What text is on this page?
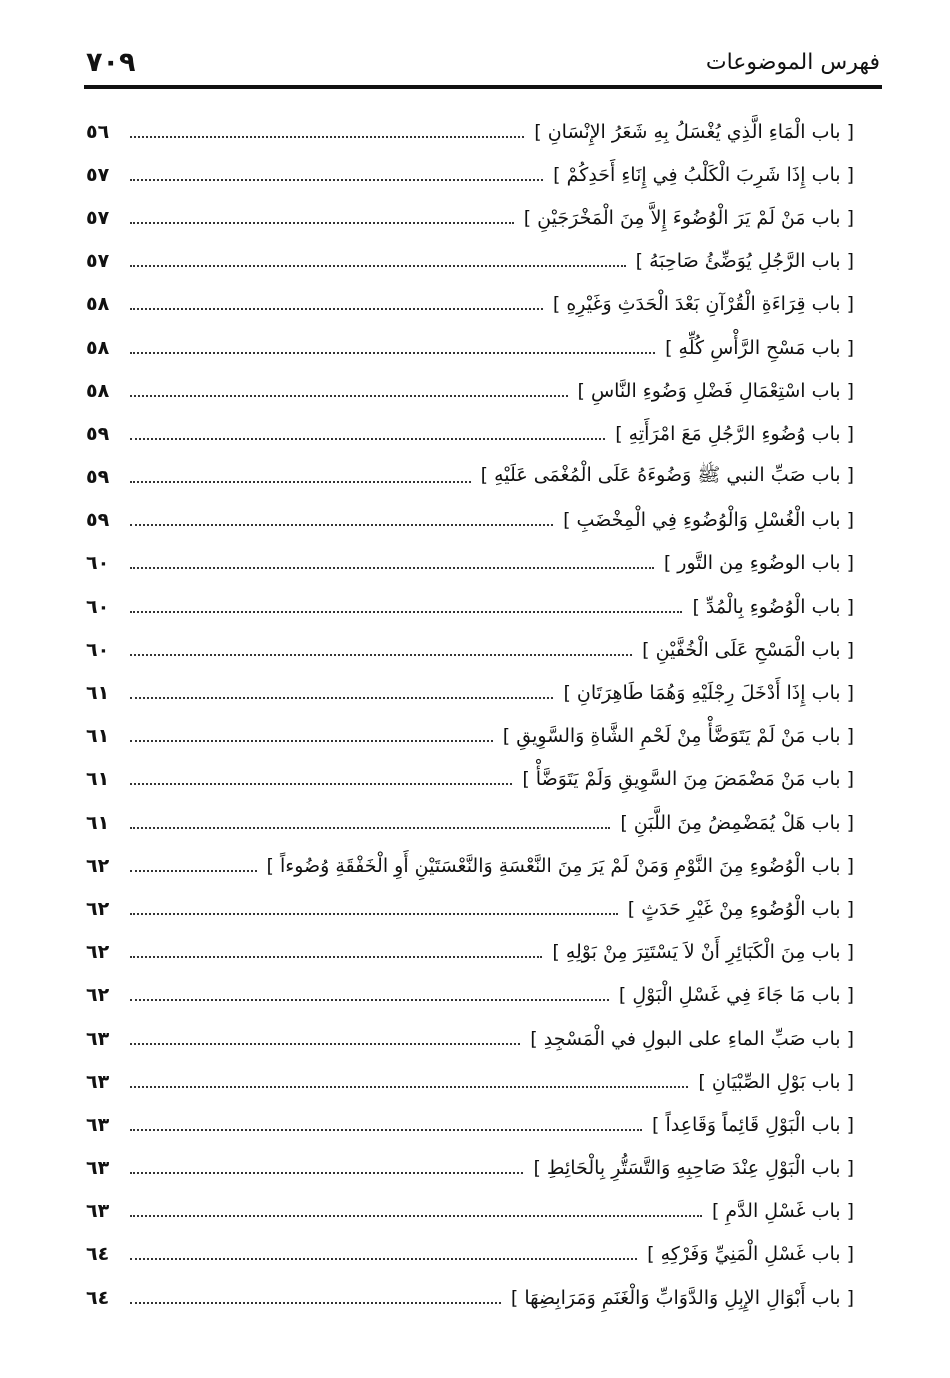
فهرس الموضوعات
٧٠٩
[ باب الْمَاءِ الَّذِي يُغْسَلُ بِهِ شَعَرُ الإِنْسَانِ ]
٥٦
[ باب إِذَا شَرِبَ الْكَلْبُ فِي إِنَاءِ أَحَدِكُمْ ]
٥٧
[ باب مَنْ لَمْ يَرَ الْوُضُوءَ إِلاَّ مِنَ الْمَخْرَجَيْنِ ]
٥٧
[ باب الرَّجُلِ يُوَضِّئُ صَاحِبَهُ ]
٥٧
[ باب قِرَاءَةِ الْقُرْآنِ بَعْدَ الْحَدَثِ وَغَيْرِهِ ]
٥٨
[ باب مَسْحِ الرَّأْسِ كُلِّهِ ]
٥٨
[ باب اسْتِعْمَالِ فَضْلِ وَضُوءِ النَّاسِ ]
٥٨
[ باب وُضُوءِ الرَّجُلِ مَعَ امْرَأَتِهِ ]
٥٩
[ باب صَبِّ النبي ﷺ وَضُوءَهُ عَلَى الْمُغْمَى عَلَيْهِ ]
٥٩
[ باب الْغُسْلِ وَالْوُضُوءِ فِي الْمِخْضَبِ ]
٥٩
[ باب الوضُوءِ مِن التَّور ]
٦٠
[ باب الْوُضُوءِ بِالْمُدِّ ]
٦٠
[ باب الْمَسْحِ عَلَى الْخُفَّيْنِ ]
٦٠
[ باب إِذَا أَدْخَلَ رِجْلَيْهِ وَهُمَا طَاهِرَتَانِ ]
٦١
[ باب مَنْ لَمْ يَتَوَضَّأْ مِنْ لَحْمِ الشَّاةِ وَالسَّوِيقِ ]
٦١
[ باب مَنْ مَضْمَضَ مِنَ السَّوِيقِ وَلَمْ يَتَوَضَّأْ ]
٦١
[ باب هَلْ يُمَضْمِضُ مِنَ اللَّبَنِ ]
٦١
[ باب الْوُضُوءِ مِنَ النَّوْمِ وَمَنْ لَمْ يَرَ مِنَ النَّعْسَةِ وَالنَّعْسَتَيْنِ أَوِ الْخَفْقَةِ وُضُوءاً ]
٦٢
[ باب الْوُضُوءِ مِنْ غَيْرِ حَدَثٍ ]
٦٢
[ باب مِنَ الْكَبَائِرِ أَنْ لاَ يَسْتَتِرَ مِنْ بَوْلِهِ ]
٦٢
[ باب مَا جَاءَ فِي غَسْلِ الْبَوْلِ ]
٦٢
[ باب صَبِّ الماءِ على البولِ في الْمَسْجِدِ ]
٦٣
[ باب بَوْلِ الصِّبْيَانِ ]
٦٣
[ باب الْبَوْلِ قَائِماً وَقَاعِداً ]
٦٣
[ باب الْبَوْلِ عِنْدَ صَاحِبِهِ وَالتَّسَتُّرِ بِالْحَائِطِ ]
٦٣
[ باب غَسْلِ الدَّمِ ]
٦٣
[ باب غَسْلِ الْمَنِيِّ وَفَرْكِهِ ]
٦٤
[ باب أَبْوَالِ الإِبِلِ وَالدَّوَابِّ وَالْغَنَمِ وَمَرَابِضِهَا ]
٦٤
